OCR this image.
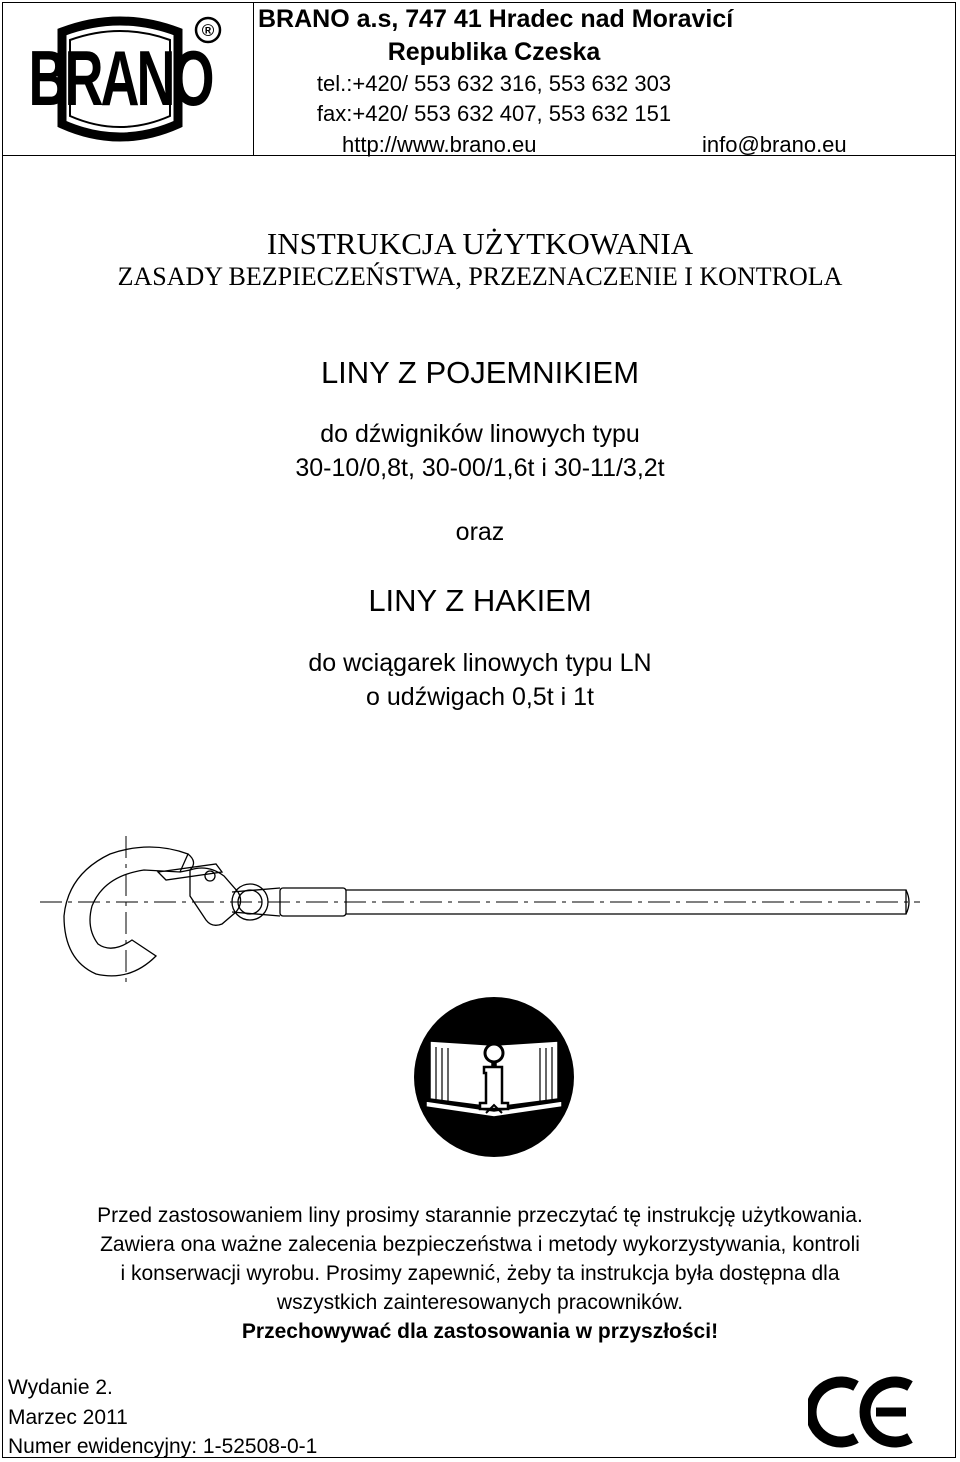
BRANO
® BRANO a.s, 747 41 Hradec nad Moravicí
Republika Czeska
tel.:+420/ 553 632 316, 553 632 303
fax:+420/ 553 632 407, 553 632 151
http://www.brano.eu	info@brano.eu
INSTRUKCJA UŻYTKOWANIA
ZASADY BEZPIECZEŃSTWA, PRZEZNACZENIE I KONTROLA
LINY Z POJEMNIKIEM
do dźwigników linowych typu
30-10/0,8t, 30-00/1,6t i 30-11/3,2t
oraz
LINY Z HAKIEM
do wciągarek linowych typu LN
o udźwigach 0,5t i 1t
Przed zastosowaniem liny prosimy starannie przeczytać tę instrukcję użytkowania.
Zawiera ona ważne zalecenia bezpieczeństwa i metody wykorzystywania, kontroli
i konserwacji wyrobu. Prosimy zapewnić, żeby ta instrukcja była dostępna dla
wszystkich zainteresowanych pracowników.
Przechowywać dla zastosowania w przyszłości!
Wydanie 2.
Marzec 2011
Numer ewidencyjny: 1-52508-0-1
